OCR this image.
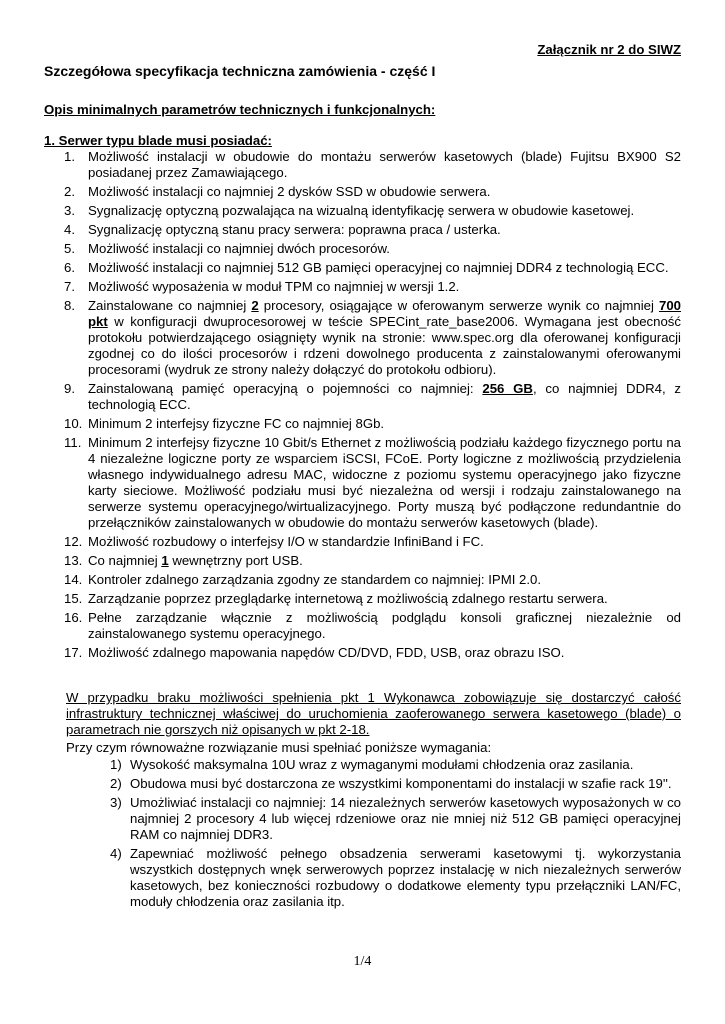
Załącznik nr 2 do SIWZ
Szczegółowa specyfikacja techniczna zamówienia - część I
Opis minimalnych parametrów technicznych i funkcjonalnych:
1. Serwer typu blade musi posiadać:
1. Możliwość instalacji w obudowie do montażu serwerów kasetowych (blade) Fujitsu BX900 S2 posiadanej przez Zamawiającego.
2. Możliwość instalacji co najmniej 2 dysków SSD w obudowie serwera.
3. Sygnalizację optyczną pozwalająca na wizualną identyfikację serwera w obudowie kasetowej.
4. Sygnalizację optyczną stanu pracy serwera: poprawna praca / usterka.
5. Możliwość instalacji co najmniej dwóch procesorów.
6. Możliwość instalacji co najmniej 512 GB pamięci operacyjnej co najmniej DDR4 z technologią ECC.
7. Możliwość wyposażenia w moduł TPM co najmniej w wersji 1.2.
8. Zainstalowane co najmniej 2 procesory, osiągające w oferowanym serwerze wynik co najmniej 700 pkt w konfiguracji dwuprocesorowej w teście SPECint_rate_base2006. Wymagana jest obecność protokołu potwierdzającego osiągnięty wynik na stronie: www.spec.org dla oferowanej konfiguracji zgodnej co do ilości procesorów i rdzeni dowolnego producenta z zainstalowanymi oferowanymi procesorami (wydruk ze strony należy dołączyć do protokołu odbioru).
9. Zainstalowaną pamięć operacyjną o pojemności co najmniej: 256 GB, co najmniej DDR4, z technologią ECC.
10. Minimum 2 interfejsy fizyczne FC co najmniej 8Gb.
11. Minimum 2 interfejsy fizyczne 10 Gbit/s Ethernet z możliwością podziału każdego fizycznego portu na 4 niezależne logiczne porty ze wsparciem iSCSI, FCoE. Porty logiczne z możliwością przydzielenia własnego indywidualnego adresu MAC, widoczne z poziomu systemu operacyjnego jako fizyczne karty sieciowe. Możliwość podziału musi być niezależna od wersji i rodzaju zainstalowanego na serwerze systemu operacyjnego/wirtualizacyjnego. Porty muszą być podłączone redundantnie do przełączników zainstalowanych w obudowie do montażu serwerów kasetowych (blade).
12. Możliwość rozbudowy o interfejsy I/O w standardzie InfiniBand i FC.
13. Co najmniej 1 wewnętrzny port USB.
14. Kontroler zdalnego zarządzania zgodny ze standardem co najmniej: IPMI 2.0.
15. Zarządzanie poprzez przeglądarkę internetową z możliwością zdalnego restartu serwera.
16. Pełne zarządzanie włącznie z możliwością podglądu konsoli graficznej niezależnie od zainstalowanego systemu operacyjnego.
17. Możliwość zdalnego mapowania napędów CD/DVD, FDD, USB, oraz obrazu ISO.
W przypadku braku możliwości spełnienia pkt 1 Wykonawca zobowiązuje się dostarczyć całość infrastruktury technicznej właściwej do uruchomienia zaoferowanego serwera kasetowego (blade) o parametrach nie gorszych niż opisanych w pkt 2-18.
Przy czym równoważne rozwiązanie musi spełniać poniższe wymagania:
1) Wysokość maksymalna 10U wraz z wymaganymi modułami chłodzenia oraz zasilania.
2) Obudowa musi być dostarczona ze wszystkimi komponentami do instalacji w szafie rack 19''.
3) Umożliwiać instalacji co najmniej: 14 niezależnych serwerów kasetowych wyposażonych w co najmniej 2 procesory 4 lub więcej rdzeniowe oraz nie mniej niż 512 GB pamięci operacyjnej RAM co najmniej DDR3.
4) Zapewniać możliwość pełnego obsadzenia serwerami kasetowymi tj. wykorzystania wszystkich dostępnych wnęk serwerowych poprzez instalację w nich niezależnych serwerów kasetowych, bez konieczności rozbudowy o dodatkowe elementy typu przełączniki LAN/FC, moduły chłodzenia oraz zasilania itp.
1/4
